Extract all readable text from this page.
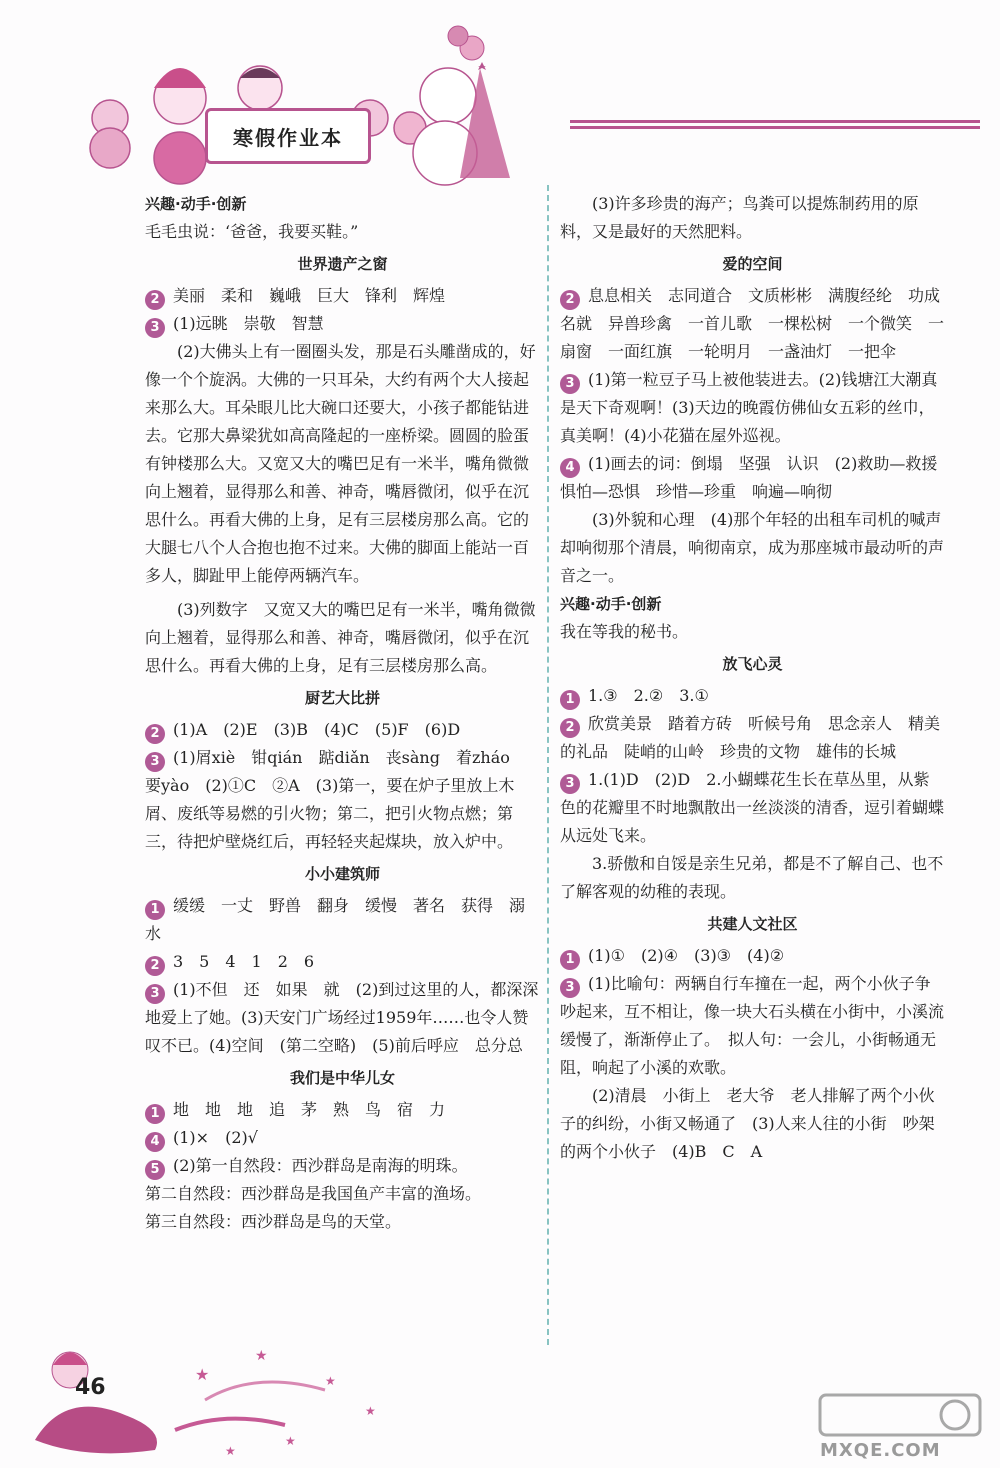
寒假作业本

兴趣·动手·创新

毛毛虫说：‘爸爸，我要买鞋。”

世界遗产之窗

2 美丽　柔和　巍峨　巨大　锋利　辉煌

3 (1)远眺　崇敬　智慧

(2)大佛头上有一圈圈头发，那是石头雕凿成的，好像一个个旋涡。大佛的一只耳朵，大约有两个大人接起来那么大。耳朵眼儿比大碗口还要大，小孩子都能钻进去。它那大鼻梁犹如高高隆起的一座桥梁。圆圆的脸蛋有钟楼那么大。又宽又大的嘴巴足有一米半，嘴角微微向上翘着，显得那么和善、神奇，嘴唇微闭，似乎在沉思什么。再看大佛的上身，足有三层楼房那么高。它的大腿七八个人合抱也抱不过来。大佛的脚面上能站一百多人，脚趾甲上能停两辆汽车。

(3)列数字　又宽又大的嘴巴足有一米半，嘴角微微向上翘着，显得那么和善、神奇，嘴唇微闭，似乎在沉思什么。再看大佛的上身，足有三层楼房那么高。

厨艺大比拼

2 (1)A　(2)E　(3)B　(4)C　(5)F　(6)D

3 (1)屑xiè　钳qián　踮diǎn　丧sàng　着zháo　要yào　(2)①C　②A　(3)第一，要在炉子里放上木屑、废纸等易燃的引火物；第二，把引火物点燃；第三，待把炉壁烧红后，再轻轻夹起煤块，放入炉中。

小小建筑师

1 缓缓　一丈　野兽　翻身　缓慢　著名　获得　溺水

2 3　5　4　1　2　6

3 (1)不但　还　如果　就　(2)到过这里的人，都深深地爱上了她。(3)天安门广场经过1959年……也令人赞叹不已。(4)空间　(第二空略)　(5)前后呼应　总分总

我们是中华儿女

1 地　地　地　追　茅　熟　鸟　宿　力

4 (1)×　(2)√

5 (2)第一自然段：西沙群岛是南海的明珠。

第二自然段：西沙群岛是我国鱼产丰富的渔场。

第三自然段：西沙群岛是鸟的天堂。

(3)许多珍贵的海产；鸟粪可以提炼制药用的原料，又是最好的天然肥料。

爱的空间

2 息息相关　志同道合　文质彬彬　满腹经纶　功成名就　异兽珍禽　一首儿歌　一棵松树　一个微笑　一扇窗　一面红旗　一轮明月　一盏油灯　一把伞

3 (1)第一粒豆子马上被他装进去。(2)钱塘江大潮真是天下奇观啊！(3)天边的晚霞仿佛仙女五彩的丝巾，真美啊！(4)小花猫在屋外巡视。

4 (1)画去的词：倒塌　坚强　认识　(2)救助—救援　惧怕—恐惧　珍惜—珍重　响遍—响彻

(3)外貌和心理　(4)那个年轻的出租车司机的喊声却响彻那个清晨，响彻南京，成为那座城市最动听的声音之一。

兴趣·动手·创新

我在等我的秘书。

放飞心灵

1 1.③　2.②　3.①

2 欣赏美景　踏着方砖　听候号角　思念亲人　精美的礼品　陡峭的山岭　珍贵的文物　雄伟的长城

3 1.(1)D　(2)D　2.小蝴蝶花生长在草丛里，从紫色的花瓣里不时地飘散出一丝淡淡的清香，逗引着蝴蝶从远处飞来。

3.骄傲和自馁是亲生兄弟，都是不了解自己、也不了解客观的幼稚的表现。

共建人文社区

1 (1)①　(2)④　(3)③　(4)②

3 (1)比喻句：两辆自行车撞在一起，两个小伙子争吵起来，互不相让，像一块大石头横在小街中，小溪流缓慢了，渐渐停止了。　拟人句：一会儿，小街畅通无阻，响起了小溪的欢歌。

(2)清晨　小街上　老大爷　老人排解了两个小伙子的纠纷，小街又畅通了　(3)人来人往的小街　吵架的两个小伙子　(4)B　C　A

★
★
★
★
★
★
46
MXQE.COM
